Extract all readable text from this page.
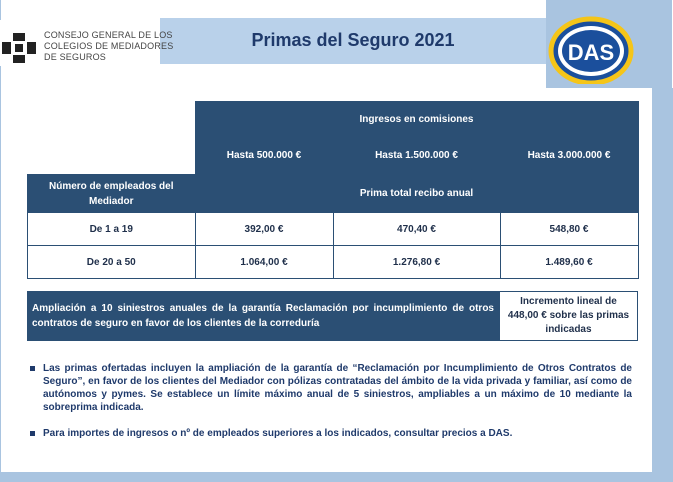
Primas del Seguro 2021
CONSEJO GENERAL DE LOS
COLEGIOS DE MEDIADORES
DE SEGUROS	DAS
	Ingresos en comisiones		
	Hasta 500.000 €	Hasta 1.500.000 €	Hasta 3.000.000 €
Número de empleados del Mediador	Prima total recibo anual		
De 1 a 19	392,00 €	470,40 €	548,80 €
De 20 a 50	1.064,00 €	1.276,80 €	1.489,60 €
Ampliación a 10 siniestros anuales de la garantía Reclamación por incumplimiento de otros contratos de seguro en favor de los clientes de la correduría
Incremento lineal de 448,00 € sobre las primas indicadas
Las primas ofertadas incluyen la ampliación de la garantía de “Reclamación por Incumplimiento de Otros Contratos de Seguro”, en favor de los clientes del Mediador con pólizas contratadas del ámbito de la vida privada y familiar, así como de autónomos y pymes. Se establece un límite máximo anual de 5 siniestros, ampliables a un máximo de 10 mediante la sobreprima indicada.
Para importes de ingresos o nº de empleados superiores a los indicados, consultar precios a DAS.
